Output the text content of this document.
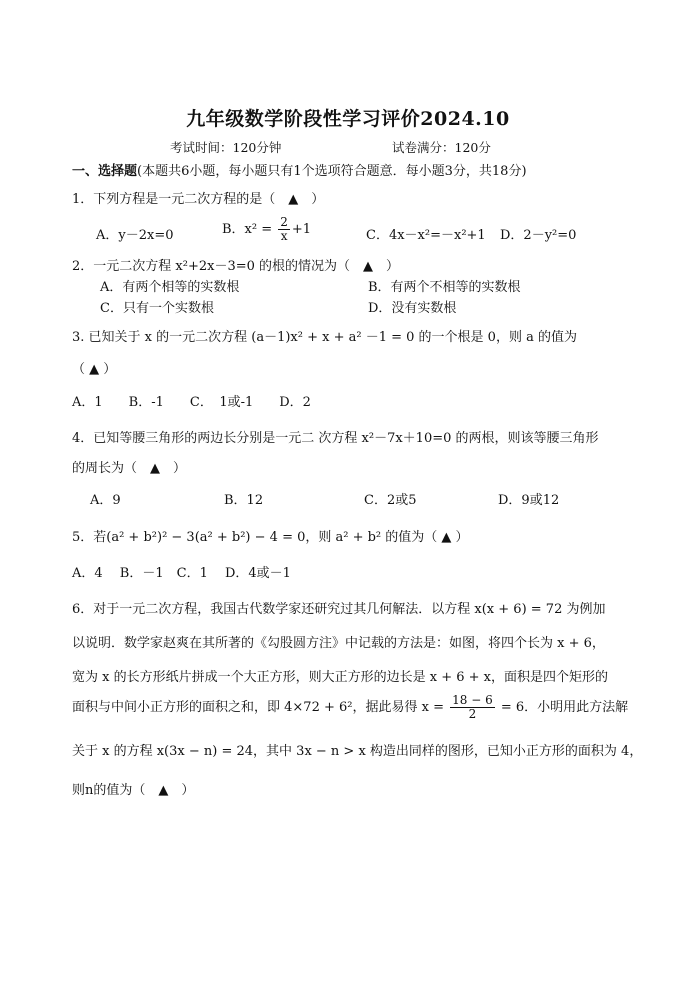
九年级数学阶段性学习评价2024.10
考试时间：120分钟	试卷满分：120分
一、选择题(本题共6小题，每小题只有1个选项符合题意．每小题3分，共18分)
1．下列方程是一元二次方程的是（　▲　）
A．y－2x=0	B．$x^2 = \frac{2}{x} +1$	C．4x－x²=－x²+1 D．2－y²=0
2．一元二次方程 x²+2x－3=0 的根的情况为（　▲　）
A．有两个相等的实数根	B．有两个不相等的实数根
C．只有一个实数根	D．没有实数根
3. 已知关于 x 的一元二次方程 (a－1)x² + x + a² －1 = 0 的一个根是 0，则 a 的值为
（ ▲ ）
A．1　　B．-1　　C．　1或-1　　D．2
4．已知等腰三角形的两边长分别是一元二 次方程 x²－7x＋10=0 的两根，则该等腰三角形
的周长为（　▲　）
A．9	B．12	C．2或5	D．9或12
5．若(a² + b²)² − 3(a² + b²) − 4 = 0，则 a² + b² 的值为（ ▲ ）
A．4　 B．－1　C．1　 D．4或－1
6．对于一元二次方程，我国古代数学家还研究过其几何解法．以方程 x(x + 6) = 72 为例加
以说明．数学家赵爽在其所著的《勾股圆方注》中记载的方法是：如图，将四个长为 x + 6，
宽为 x 的长方形纸片拼成一个大正方形，则大正方形的边长是 x + 6 + x，面积是四个矩形的
面积与中间小正方形的面积之和，即 4×72 + 6²，据此易得 $x = \frac{18 - 6}{2} = 6$．小明用此方法解
关于 x 的方程 x(3x − n) = 24，其中 3x − n > x 构造出同样的图形，已知小正方形的面积为 4，
则n的值为（　▲　）
